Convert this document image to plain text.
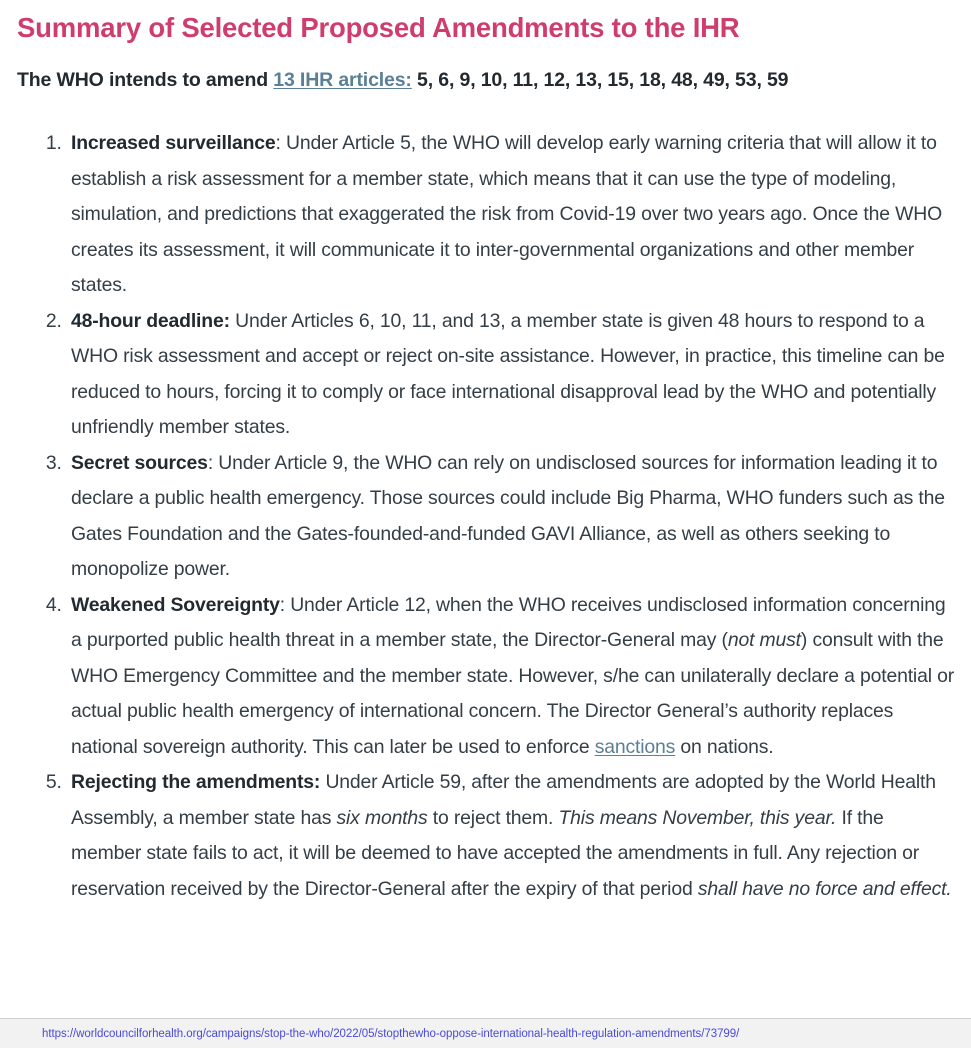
Summary of Selected Proposed Amendments to the IHR

The WHO intends to amend 13 IHR articles: 5, 6, 9, 10, 11, 12, 13, 15, 18, 48, 49, 53, 59

1. Increased surveillance: Under Article 5, the WHO will develop early warning criteria that will allow it to establish a risk assessment for a member state, which means that it can use the type of modeling, simulation, and predictions that exaggerated the risk from Covid-19 over two years ago. Once the WHO creates its assessment, it will communicate it to inter-governmental organizations and other member states.
2. 48-hour deadline: Under Articles 6, 10, 11, and 13, a member state is given 48 hours to respond to a WHO risk assessment and accept or reject on-site assistance. However, in practice, this timeline can be reduced to hours, forcing it to comply or face international disapproval lead by the WHO and potentially unfriendly member states.
3. Secret sources: Under Article 9, the WHO can rely on undisclosed sources for information leading it to declare a public health emergency. Those sources could include Big Pharma, WHO funders such as the Gates Foundation and the Gates-founded-and-funded GAVI Alliance, as well as others seeking to monopolize power.
4. Weakened Sovereignty: Under Article 12, when the WHO receives undisclosed information concerning a purported public health threat in a member state, the Director-General may (not must) consult with the WHO Emergency Committee and the member state. However, s/he can unilaterally declare a potential or actual public health emergency of international concern. The Director General’s authority replaces national sovereign authority. This can later be used to enforce sanctions on nations.
5. Rejecting the amendments: Under Article 59, after the amendments are adopted by the World Health Assembly, a member state has six months to reject them. This means November, this year. If the member state fails to act, it will be deemed to have accepted the amendments in full. Any rejection or reservation received by the Director-General after the expiry of that period shall have no force and effect.
https://worldcouncilforhealth.org/campaigns/stop-the-who/2022/05/stopthewho-oppose-international-health-regulation-amendments/73799/
